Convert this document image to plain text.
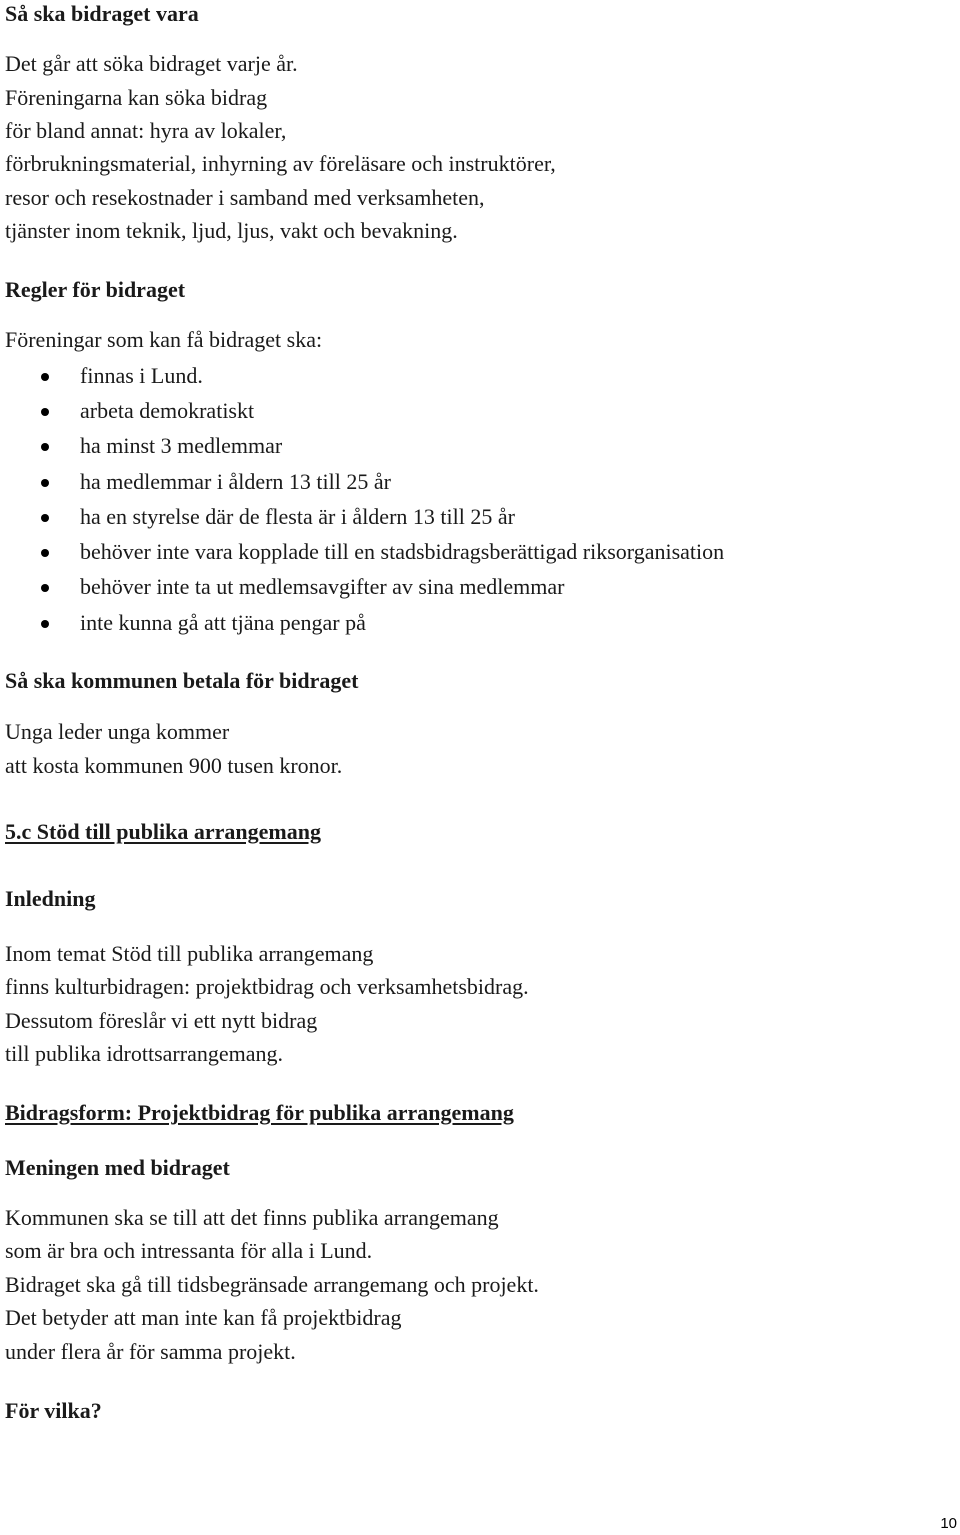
Så ska bidraget vara
Det går att söka bidraget varje år.
Föreningarna kan söka bidrag
för bland annat: hyra av lokaler,
förbrukningsmaterial, inhyrning av föreläsare och instruktörer,
resor och resekostnader i samband med verksamheten,
tjänster inom teknik, ljud, ljus, vakt och bevakning.
Regler för bidraget
Föreningar som kan få bidraget ska:
finnas i Lund.
arbeta demokratiskt
ha minst 3 medlemmar
ha medlemmar i åldern 13 till 25 år
ha en styrelse där de flesta är i åldern 13 till 25 år
behöver inte vara kopplade till en stadsbidragsberättigad riksorganisation
behöver inte ta ut medlemsavgifter av sina medlemmar
inte kunna gå att tjäna pengar på
Så ska kommunen betala för bidraget
Unga leder unga kommer
att kosta kommunen 900 tusen kronor.
5.c Stöd till publika arrangemang
Inledning
Inom temat Stöd till publika arrangemang
finns kulturbidragen: projektbidrag och verksamhetsbidrag.
Dessutom föreslår vi ett nytt bidrag
till publika idrottsarrangemang.
Bidragsform: Projektbidrag för publika arrangemang
Meningen med bidraget
Kommunen ska se till att det finns publika arrangemang
som är bra och intressanta för alla i Lund.
Bidraget ska gå till tidsbegränsade arrangemang och projekt.
Det betyder att man inte kan få projektbidrag
under flera år för samma projekt.
För vilka?
10
